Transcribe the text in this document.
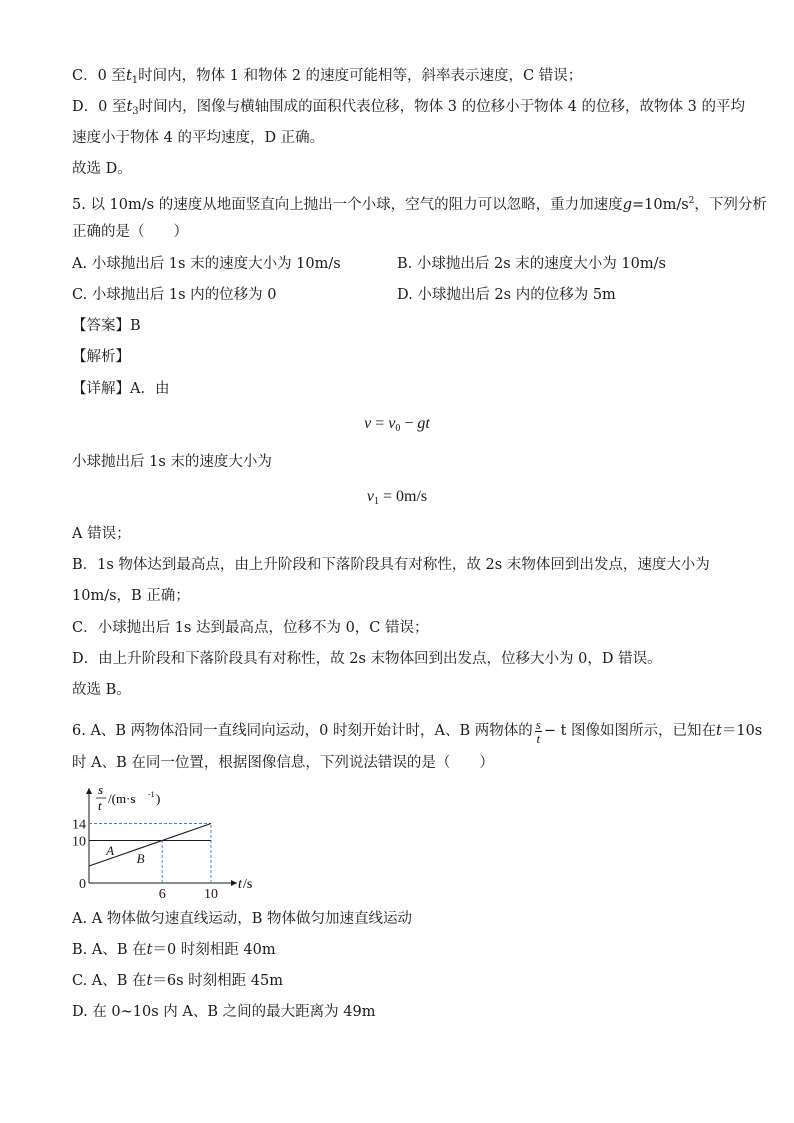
C．0 至$t_1$时间内，物体 1 和物体 2 的速度可能相等，斜率表示速度，C 错误；
D．0 至$t_3$时间内，图像与横轴围成的面积代表位移，物体 3 的位移小于物体 4 的位移，故物体 3 的平均
速度小于物体 4 的平均速度，D 正确。
故选 D。
5. 以 10m/s 的速度从地面竖直向上抛出一个小球，空气的阻力可以忽略，重力加速度$g=10m/s^2$，下列分析
正确的是（　　）
A. 小球抛出后 1s 末的速度大小为 10m/s	B. 小球抛出后 2s 末的速度大小为 10m/s
C. 小球抛出后 1s 内的位移为 0	D. 小球抛出后 2s 内的位移为 5m
【答案】B
【解析】
【详解】A．由
$v = v_0$ − gt
小球抛出后 1s 末的速度大小为
$v_1 = 0m/s$
A 错误；
B．1s 物体达到最高点，由上升阶段和下落阶段具有对称性，故 2s 末物体回到出发点，速度大小为
10m/s，B 正确；
C．小球抛出后 1s 达到最高点，位移不为 0，C 错误；
D．由上升阶段和下落阶段具有对称性，故 2s 末物体回到出发点，位移大小为 0，D 错误。
故选 B。
6. A、B 两物体沿同一直线同向运动，0 时刻开始计时，A、B 两物体的 $\frac{s}{t} - t$ 图像如图所示，已知在t＝10s
时 A、B 在同一位置，根据图像信息，下列说法错误的是（　　）
A
B
14
10
0
6	10
s
t /(m·s -1 )
t /s
A. A 物体做匀速直线运动，B 物体做匀加速直线运动
B. A、B 在t＝0 时刻相距 40m
C. A、B 在t＝6s 时刻相距 45m
D. 在 0~10s 内 A、B 之间的最大距离为 49m
